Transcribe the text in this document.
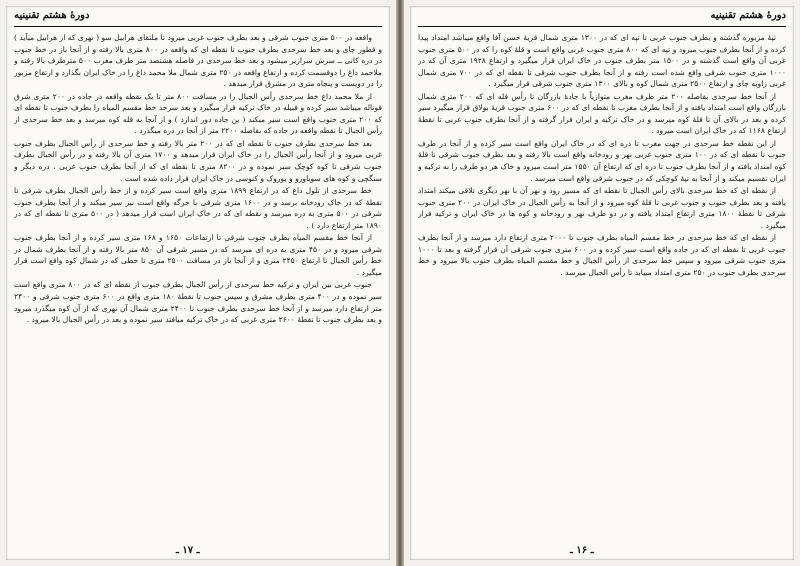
دورهٔ هشتم تقنینیه

واقعه در ۵۰۰ متری جنوب شرقی و بعد بطرف جنوب غربی میرود تا ملتقای هرابیل سو ( نهری که از هرابیل میآید ) و قطور چای و بعد خط سرحدی بطرف جنوب تا نقطه ای که واقعه در ۸۰۰ متری بالا رفته و از آنجا باز در خط جنوب در دره کانی ــ سرش سرازیر میشود و بعد خط سرحدی در فاصله هشتصد متر طرف مغرب ۵۰۰ مترطرف بالا رفته و ملاحمد داغ را دوقسمت کرده و ارتفاع واقعه در ۲۵۰ متری شمال ملا محمد داغ را در خاک ایران بگذارد و ارتفاع مزبور را در دویست و پنجاه متری در مشرق قرار میدهد .

از ملا محمد داغ خط سرحدی رأس الجبال را در مسافت ۸۰۰ متر تا یک نقطه واقعه در جاده در ۲۰۰ متری شرق قوناله میباشد سیر کرده و قبیله در خاک ترکیه قرار میگیرد و بعد سرحد خط مقسم المیاه را بطرف جنوب تا نقطه ای که ۲۰۰ متری جنوب واقع است سیر میکند ( بن جاده دور اندازد ) و از آنجا به قله کوه میرسد و بعد خط سرحدی از رأس الجبال تا نقطه واقعه در جاده که بفاصله ۲۲۰۰ متر از آنجا در دره میگذرد .

بعد خط سرحدی بطرف جنوب تا نقطه ای که در ۲۰۰ متر بالا رفته و خط سرحدی از رأس الجبال بطرف جنوب غربی میرود و از آنجا رأس الجبال را در خاک ایران قرار میدهد و ۱۷۰۰ متری آن بالا رفته و در رأس الجبال بطرف جنوب شرقی تا کوه کوچک سیر نموده و در ۸۲۰۰ متری تا نقطه ای که از آنجا بطرف جنوب غربی ، دره دیگر و سنگچی و کوه های سویاورو و بوروک و کنوسی در خاک ایران قرار داده شده است .

خط سرحدی از تلول داغ که در ارتفاع ۱۸۹۹ متری واقع است سیر کرده و از خط رأس الجبال بطرف شرقی تا نقطهٔ که در خاک رودخانه برسد و در ۱۶۰۰ متری شرقی با جرگه واقع است نیز سیر میکند و از آنجا بطرف جنوب شرقی در ۵۰۰ متری به دره میرسد و نقطه ای که در خاک ایران است قرار میدهد ( در ۵۰۰ متری تا نقطه ای که در ۱۸۹۰ متر ارتفاع دارد ) .

از آنجا خط مقسم المیاه بطرف جنوب شرقی تا ارتفاعات ۱۶۵۰ و ۱۶۸ متری سیر کرده و از آنجا بطرف جنوب شرقی میرود و در ۴۵۰ متری به دره ای میرسد که در مسیر شرقی آن ۸۵۰ متر بالا رفته و از آنجا بطرف شمال در خط رأس الجبال تا ارتفاع ۲۴۵۰ متری و از آنجا باز در مسافت ۲۵۰۰ متری تا خطی که در شمال کوه واقع است قرار میگیرد .

جنوب غربی بین ایران و ترکیه خط سرحدی از رأس الجبال بطرف جنوب از نقطه ای که در ۸۰۰ متری واقع است سیر نموده و در ۴۰۰ متری بطرف مشرق و سپس جنوب تا نقطهٔ ۱۸۰ متری واقع در ۶۰۰ متری جنوب شرقی و ۲۴۰۰ متر ارتفاع دارد میرسد و از آنجا خط سرحدی بطرف جنوب تا ۲۴۰۰ متری شمال آن نهری که از آن کوه میگذرد میرود و بعد بطرف جنوب تا نقطهٔ ۲۶۰۰ متری غربی که در خاک ترکیه میافتد سیر نموده و بعد در رأس الجبال بالا میرود .

ـ ۱۷ ـ
دورهٔ هشتم تقنینیه

تپهٔ مزبوره گذشته و بطرف جنوب غربی تا تپه ای که در ۱۳۰۰ متری شمال قریهٔ حسن آقا واقع میباشد امتداد پیدا کرده و از آنجا بطرف جنوب میرود و تپه ای که ۸۰۰ متری جنوب غربی واقع است و قلهٔ کوه را که در ۵۰۰ متری جنوب غربی آن واقع است گذشته و در ۱۵۰۰ متر بطرف جنوب در خاک ایران قرار میگیرد و ارتفاع ۱۹۲۸ متری آن که در ۱۰۰۰ متری جنوب شرقی واقع شده است رفته و از آنجا بطرف جنوب شرقی تا نقطه ای که در ۷۰۰ متری شمال غربی زاویه چای و ارتفاع ۲۵۰۰ متری شمال کوه و بالای ۱۳۰۰ متری جنوب شرقی قرار میگیرد .

از آنجا خط سرحدی بفاصله ۲۰۰ متر طرف مغرب متوازیاً با جادهٔ بازرگان تا رأس قله ای که ۲۰۰ متری شمال بازرگان واقع است امتداد یافته و از آنجا بطرف مغرب تا نقطه ای که در ۶۰۰ متری جنوب قریهٔ بولاق قرار میگیرد سیر کرده و بعد در بالای آن تا قلهٔ کوه میرسد و در خاک ترکیه و ایران قرار گرفته و از آنجا بطرف جنوب غربی تا نقطهٔ ارتفاع ۱۱۶۸ که در خاک ایران است میرود .

از این نقطه خط سرحدی در جهت مغرب تا دره ای که در خاک ایران واقع است سیر کرده و از آنجا در طرف جنوب تا نقطه ای که در ۱۰۰ متری جنوب غربی نهر و رودخانه واقع است بالا رفته و بعد بطرف جنوب شرقی تا قلهٔ کوه امتداد یافته و از آنجا بطرف جنوب تا دره ای که ارتفاع آن ۱۵۵۰ متر است میرود و خاک هر دو طرف را به ترکیه و ایران تقسیم میکند و از آنجا به تپهٔ کوچکی که در جنوب شرقی واقع است میرسد .

از نقطه ای که خط سرحدی بالای رأس الجبال تا نقطه ای که مسیر رود و نهر آن با نهر دیگری تلاقی میکند امتداد یافته و بعد بطرف جنوب و جنوب غربی تا قلهٔ کوه میرود و از آنجا به رأس الجبال در خاک ایران در ۲۰۰ متری جنوب شرقی تا نقطهٔ ۱۸۰۰ متری ارتفاع امتداد یافته و در دو طرف نهر و رودخانه و کوه ها در خاک ایران و ترکیه قرار میگیرد .

از نقطه ای که خط سرحدی در خط مقسم المیاه بطرف جنوب تا ۲۰۰۰ متری ارتفاع دارد میرسد و از آنجا بطرف جنوب غربی تا نقطه ای که در جاده واقع است سیر کرده و در ۶۰۰ متری جنوب شرقی آن قرار گرفته و بعد تا ۱۰۰۰ متری جنوب شرقی میرود و سپس خط سرحدی از رأس الجبال و خط مقسم المیاه بطرف جنوب بالا میرود و خط سرحدی بطرف جنوب در ۲۵۰ متری امتداد مییابد تا رأس الجبال میرسد .

ـ ۱۶ ـ
